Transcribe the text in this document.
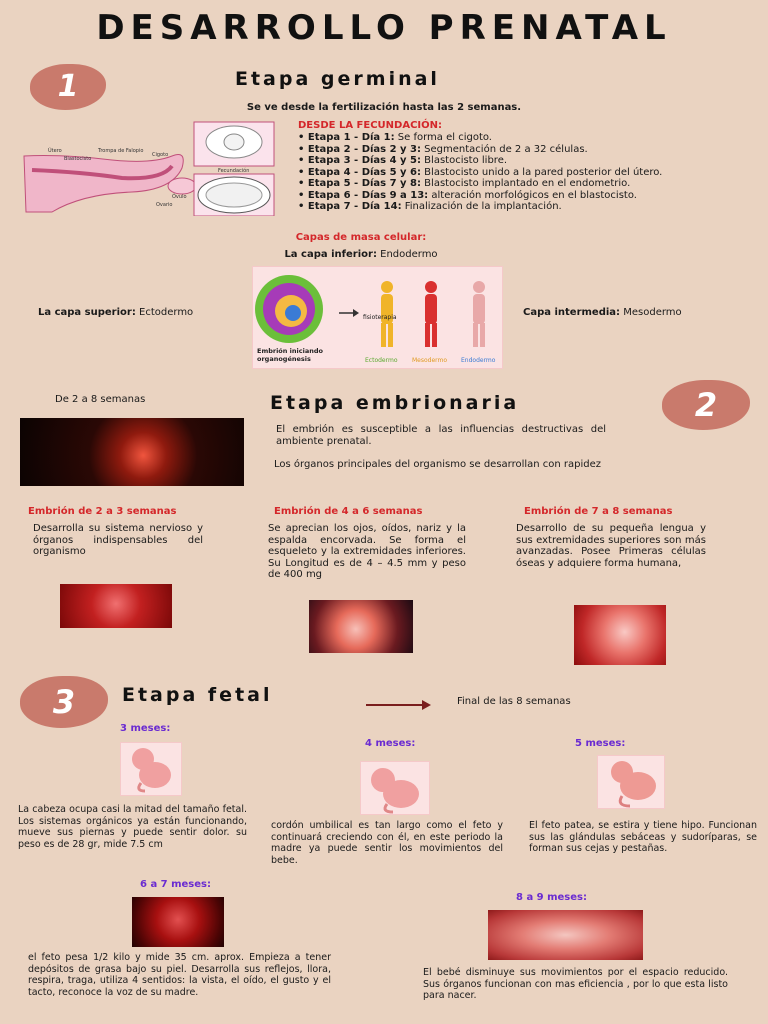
DESARROLLO PRENATAL
1	Etapa germinal
Se ve desde la fertilización hasta las 2 semanas.
Útero	Trompa de Falopio
Cigoto
Blastocisto
Óvulo
Ovario
Fecundación
DESDE LA FECUNDACIÓN:
• Etapa 1 - Día 1: Se forma el cigoto.
• Etapa 2 - Días 2 y 3: Segmentación de 2 a 32 células.
• Etapa 3 - Días 4 y 5: Blastocisto libre.
• Etapa 4 - Días 5 y 6: Blastocisto unido a la pared posterior del útero.
• Etapa 5 - Días 7 y 8: Blastocisto implantado en el endometrio.
• Etapa 6 - Días 9 a 13: alteración morfológicos en el blastocisto.
• Etapa 7 - Día 14: Finalización de la implantación.
Capas de masa celular:
La capa inferior: Endodermo
La capa superior: Ectodermo	Capa intermedia: Mesodermo
fisioterapia
Ectodermo Mesodermo Endodermo
Embrión iniciando organogénesis
De 2 a 8 semanas	Etapa embrionaria	2
El embrión es susceptible a las influencias destructivas del ambiente prenatal.
Los órganos principales del organismo se desarrollan con rapidez
Embrión de 2 a 3 semanas
Desarrolla su sistema nervioso y órganos indispensables del organismo
Embrión de 4 a 6 semanas
Se aprecian los ojos, oídos, nariz y la espalda encorvada. Se forma el esqueleto y la extremidades inferiores. Su Longitud es de 4 – 4.5 mm y peso de 400 mg
Embrión de 7 a 8 semanas
Desarrollo de su pequeña lengua y sus extremidades superiores son más avanzadas. Posee Primeras células óseas y adquiere forma humana,
3	Etapa fetal	Final de las 8 semanas
3 meses:
La cabeza ocupa casi la mitad del tamaño fetal. Los sistemas orgánicos ya están funcionando, mueve sus piernas y puede sentir dolor. su peso es de 28 gr, mide 7.5 cm
4 meses:
cordón umbilical es tan largo como el feto y continuará creciendo con él, en este periodo la madre ya puede sentir los movimientos del bebe.
5 meses:
El feto patea, se estira y tiene hipo. Funcionan sus las glándulas sebáceas y sudoríparas, se forman sus cejas y pestañas.
6 a 7 meses:
el feto pesa 1/2 kilo y mide 35 cm. aprox. Empieza a tener depósitos de grasa bajo su piel. Desarrolla sus reflejos, llora, respira, traga, utiliza 4 sentidos: la vista, el oído, el gusto y el tacto, reconoce la voz de su madre.
8 a 9 meses:
El bebé disminuye sus movimientos por el espacio reducido. Sus órganos funcionan con mas eficiencia , por lo que esta listo para nacer.
